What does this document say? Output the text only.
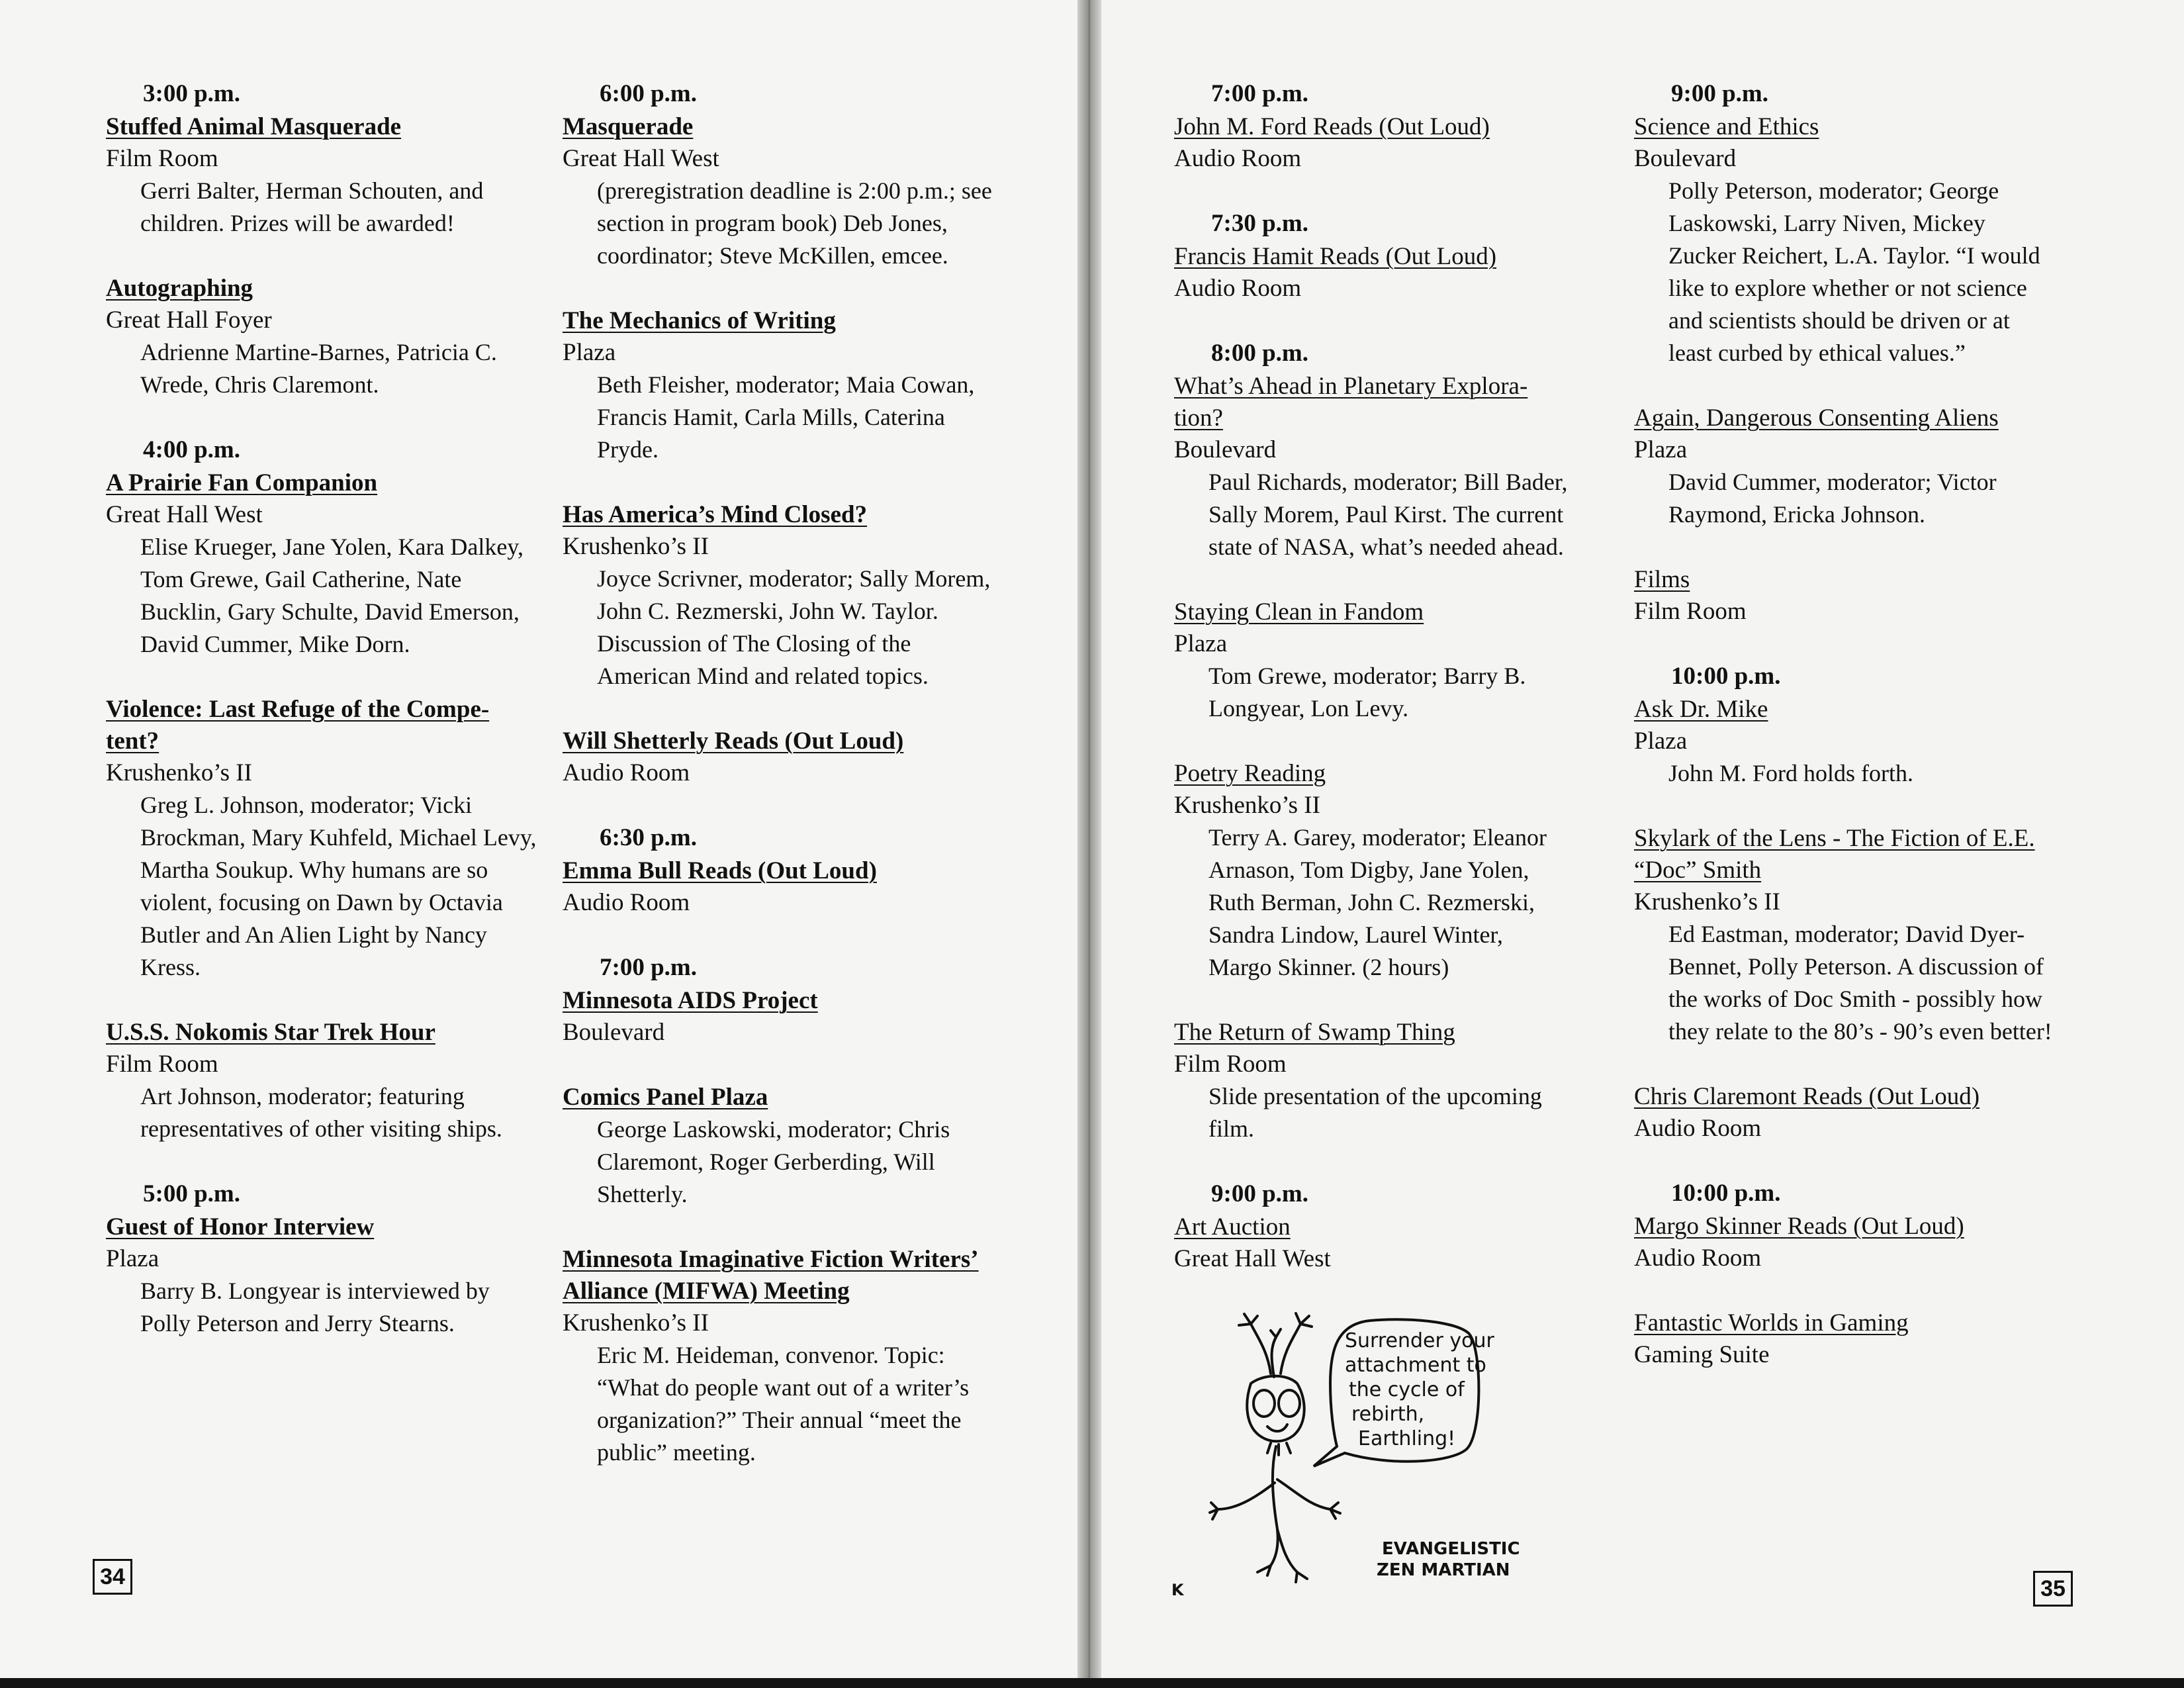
3:00 p.m.
Stuffed Animal Masquerade
Film Room
Gerri Balter, Herman Schouten, and children. Prizes will be awarded!
Autographing
Great Hall Foyer
Adrienne Martine-Barnes, Patricia C. Wrede, Chris Claremont.
4:00 p.m.
A Prairie Fan Companion
Great Hall West
Elise Krueger, Jane Yolen, Kara Dalkey, Tom Grewe, Gail Catherine, Nate Bucklin, Gary Schulte, David Emerson, David Cummer, Mike Dorn.
Violence: Last Refuge of the Compe- tent?
Krushenko’s II
Greg L. Johnson, moderator; Vicki Brockman, Mary Kuhfeld, Michael Levy, Martha Soukup. Why humans are so violent, focusing on Dawn by Octavia Butler and An Alien Light by Nancy Kress.
U.S.S. Nokomis Star Trek Hour
Film Room
Art Johnson, moderator; featuring representatives of other visiting ships.
5:00 p.m.
Guest of Honor Interview
Plaza
Barry B. Longyear is interviewed by Polly Peterson and Jerry Stearns.
6:00 p.m.
Masquerade
Great Hall West
(preregistration deadline is 2:00 p.m.; see section in program book) Deb Jones, coordinator; Steve McKillen, emcee.
The Mechanics of Writing
Plaza
Beth Fleisher, moderator; Maia Cowan, Francis Hamit, Carla Mills, Caterina Pryde.
Has America’s Mind Closed?
Krushenko’s II
Joyce Scrivner, moderator; Sally Morem, John C. Rezmerski, John W. Taylor. Discussion of The Closing of the American Mind and related topics.
Will Shetterly Reads (Out Loud)
Audio Room
6:30 p.m.
Emma Bull Reads (Out Loud)
Audio Room
7:00 p.m.
Minnesota AIDS Project
Boulevard
Comics Panel Plaza
George Laskowski, moderator; Chris Claremont, Roger Gerberding, Will Shetterly.
Minnesota Imaginative Fiction Writers’ Alliance (MIFWA) Meeting
Krushenko’s II
Eric M. Heideman, convenor. Topic: “What do people want out of a writer’s organization?” Their annual “meet the public” meeting.
34
7:00 p.m.
John M. Ford Reads (Out Loud)
Audio Room
7:30 p.m.
Francis Hamit Reads (Out Loud)
Audio Room
8:00 p.m.
What’s Ahead in Planetary Explora- tion?
Boulevard
Paul Richards, moderator; Bill Bader, Sally Morem, Paul Kirst. The current state of NASA, what’s needed ahead.
Staying Clean in Fandom
Plaza
Tom Grewe, moderator; Barry B. Longyear, Lon Levy.
Poetry Reading
Krushenko’s II
Terry A. Garey, moderator; Eleanor Arnason, Tom Digby, Jane Yolen, Ruth Berman, John C. Rezmerski, Sandra Lindow, Laurel Winter, Margo Skinner. (2 hours)
The Return of Swamp Thing
Film Room
Slide presentation of the upcoming film.
9:00 p.m.
Art Auction
Great Hall West
9:00 p.m.
Science and Ethics
Boulevard
Polly Peterson, moderator; George Laskowski, Larry Niven, Mickey Zucker Reichert, L.A. Taylor. “I would like to explore whether or not science and scientists should be driven or at least curbed by ethical values.”
Again, Dangerous Consenting Aliens
Plaza
David Cummer, moderator; Victor Raymond, Ericka Johnson.
Films
Film Room
10:00 p.m.
Ask Dr. Mike
Plaza
John M. Ford holds forth.
Skylark of the Lens - The Fiction of E.E. “Doc” Smith
Krushenko’s II
Ed Eastman, moderator; David Dyer-Bennet, Polly Peterson. A discussion of the works of Doc Smith - possibly how they relate to the 80’s - 90’s even better!
Chris Claremont Reads (Out Loud)
Audio Room
10:00 p.m.
Margo Skinner Reads (Out Loud)
Audio Room
Fantastic Worlds in Gaming
Gaming Suite
35
Surrender your
attachment to
the cycle of
rebirth,
Earthling!
EVANGELISTIC
ZEN MARTIAN
K
